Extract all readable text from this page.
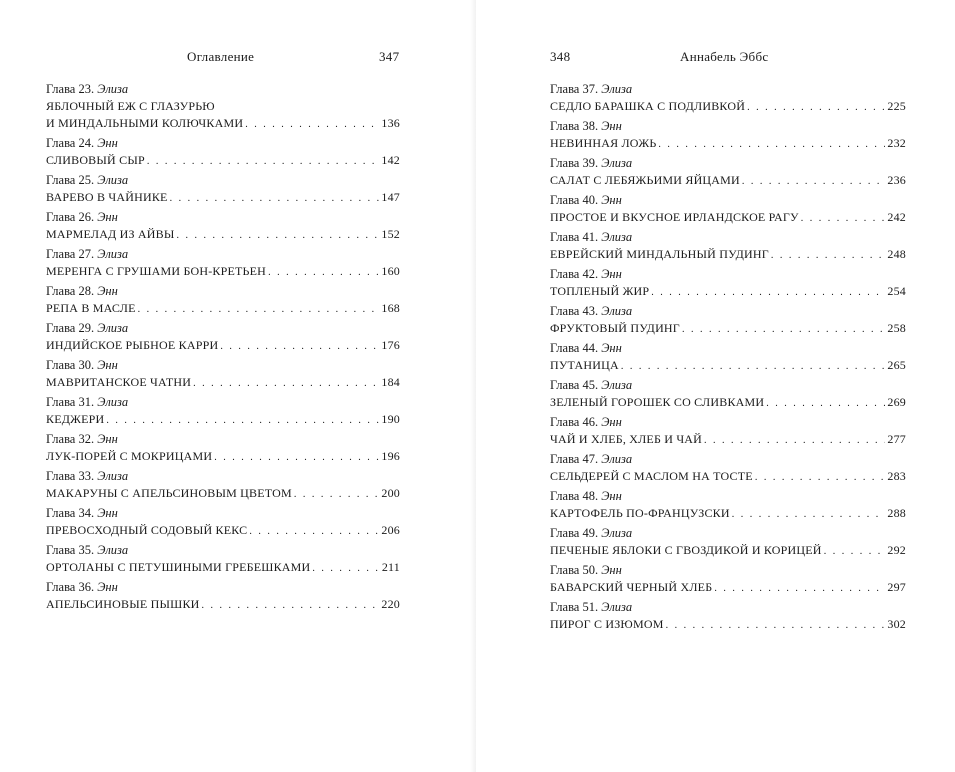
Оглавление	347
Глава 23. Элиза
ЯБЛОЧНЫЙ ЕЖ С ГЛАЗУРЬЮ
И МИНДАЛЬНЫМИ КОЛЮЧКАМИ . . .	136
Глава 24. Энн
СЛИВОВЫЙ СЫР . . .	142
Глава 25. Элиза
ВАРЕВО В ЧАЙНИКЕ . . .	147
Глава 26. Энн
МАРМЕЛАД ИЗ АЙВЫ . . .	152
Глава 27. Элиза
МЕРЕНГА С ГРУШАМИ БОН-КРЕТЬЕН . . .	160
Глава 28. Энн
РЕПА В МАСЛЕ . . .	168
Глава 29. Элиза
ИНДИЙСКОЕ РЫБНОЕ КАРРИ . . .	176
Глава 30. Энн
МАВРИТАНСКОЕ ЧАТНИ . . .	184
Глава 31. Элиза
КЕДЖЕРИ . . .	190
Глава 32. Энн
ЛУК-ПОРЕЙ С МОКРИЦАМИ . . .	196
Глава 33. Элиза
МАКАРУНЫ С АПЕЛЬСИНОВЫМ ЦВЕТОМ . . .	200
Глава 34. Энн
ПРЕВОСХОДНЫЙ СОДОВЫЙ КЕКС . . .	206
Глава 35. Элиза
ОРТОЛАНЫ С ПЕТУШИНЫМИ ГРЕБЕШКАМИ . . .	211
Глава 36. Энн
АПЕЛЬСИНОВЫЕ ПЫШКИ . . .	220
348	Аннабель Эббс
Глава 37. Элиза
СЕДЛО БАРАШКА С ПОДЛИВКОЙ . . .	225
Глава 38. Энн
НЕВИННАЯ ЛОЖЬ . . .	232
Глава 39. Элиза
САЛАТ С ЛЕБЯЖЬИМИ ЯЙЦАМИ . . .	236
Глава 40. Энн
ПРОСТОЕ И ВКУСНОЕ ИРЛАНДСКОЕ РАГУ . . .	242
Глава 41. Элиза
ЕВРЕЙСКИЙ МИНДАЛЬНЫЙ ПУДИНГ . . .	248
Глава 42. Энн
ТОПЛЕНЫЙ ЖИР . . .	254
Глава 43. Элиза
ФРУКТОВЫЙ ПУДИНГ . . .	258
Глава 44. Энн
ПУТАНИЦА . . .	265
Глава 45. Элиза
ЗЕЛЕНЫЙ ГОРОШЕК СО СЛИВКАМИ . . .	269
Глава 46. Энн
ЧАЙ И ХЛЕБ, ХЛЕБ И ЧАЙ . . .	277
Глава 47. Элиза
СЕЛЬДЕРЕЙ С МАСЛОМ НА ТОСТЕ . . .	283
Глава 48. Энн
КАРТОФЕЛЬ ПО-ФРАНЦУЗСКИ . . .	288
Глава 49. Элиза
ПЕЧЕНЫЕ ЯБЛОКИ С ГВОЗДИКОЙ И КОРИЦЕЙ . . .	292
Глава 50. Энн
БАВАРСКИЙ ЧЕРНЫЙ ХЛЕБ . . .	297
Глава 51. Элиза
ПИРОГ С ИЗЮМОМ . . .	302
